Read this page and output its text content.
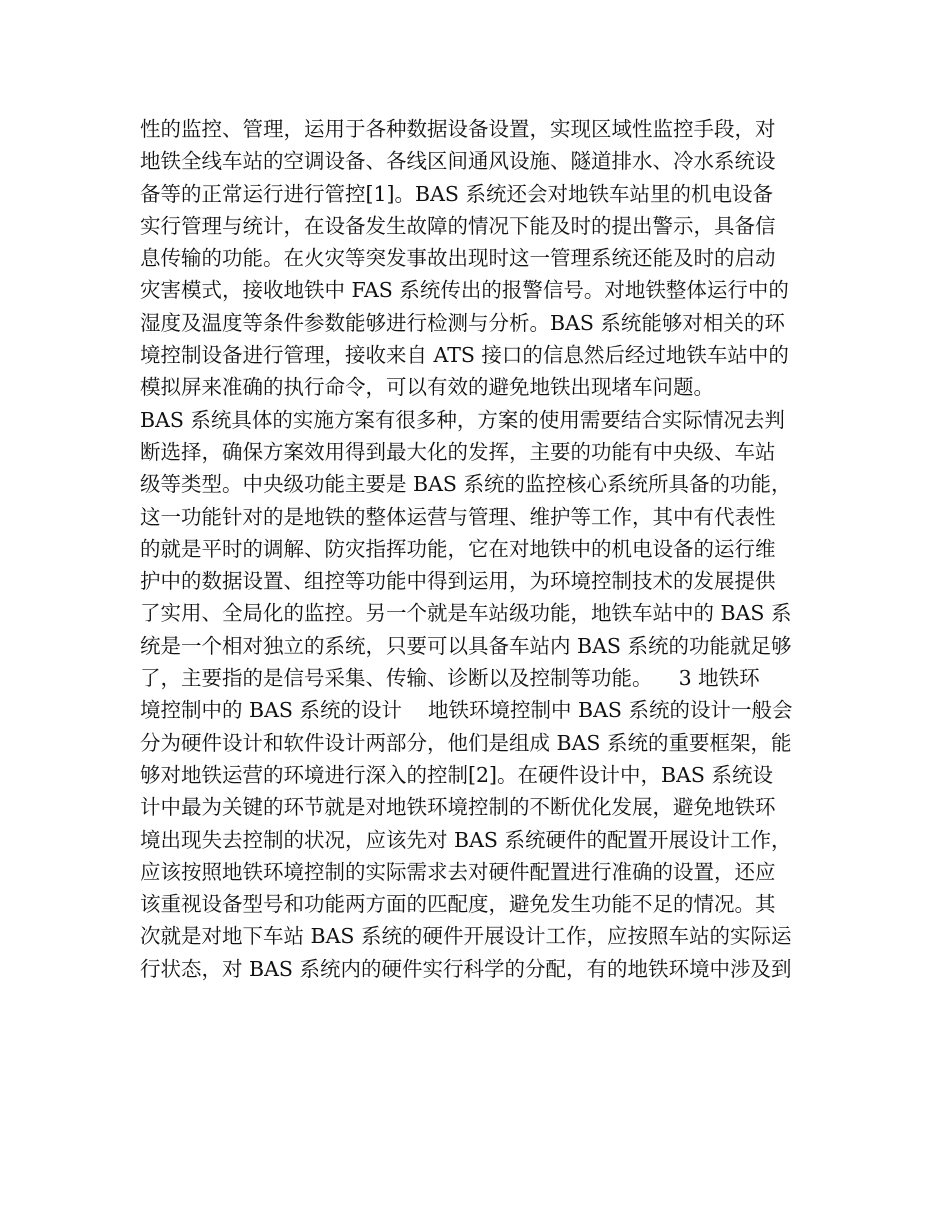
性的监控、管理，运用于各种数据设备设置，实现区域性监控手段，对
地铁全线车站的空调设备、各线区间通风设施、隧道排水、冷水系统设
备等的正常运行进行管控[1]。BAS 系统还会对地铁车站里的机电设备
实行管理与统计，在设备发生故障的情况下能及时的提出警示，具备信
息传输的功能。在火灾等突发事故出现时这一管理系统还能及时的启动
灾害模式，接收地铁中 FAS 系统传出的报警信号。对地铁整体运行中的
湿度及温度等条件参数能够进行检测与分析。BAS 系统能够对相关的环
境控制设备进行管理，接收来自 ATS 接口的信息然后经过地铁车站中的
模拟屏来准确的执行命令，可以有效的避免地铁出现堵车问题。
BAS 系统具体的实施方案有很多种，方案的使用需要结合实际情况去判
断选择，确保方案效用得到最大化的发挥，主要的功能有中央级、车站
级等类型。中央级功能主要是 BAS 系统的监控核心系统所具备的功能，
这一功能针对的是地铁的整体运营与管理、维护等工作，其中有代表性
的就是平时的调解、防灾指挥功能，它在对地铁中的机电设备的运行维
护中的数据设置、组控等功能中得到运用，为环境控制技术的发展提供
了实用、全局化的监控。另一个就是车站级功能，地铁车站中的 BAS 系
统是一个相对独立的系统，只要可以具备车站内 BAS 系统的功能就足够
了，主要指的是信号采集、传输、诊断以及控制等功能。    3 地铁环
境控制中的 BAS 系统的设计    地铁环境控制中 BAS 系统的设计一般会
分为硬件设计和软件设计两部分，他们是组成 BAS 系统的重要框架，能
够对地铁运营的环境进行深入的控制[2]。在硬件设计中，BAS 系统设
计中最为关键的环节就是对地铁环境控制的不断优化发展，避免地铁环
境出现失去控制的状况，应该先对 BAS 系统硬件的配置开展设计工作，
应该按照地铁环境控制的实际需求去对硬件配置进行准确的设置，还应
该重视设备型号和功能两方面的匹配度，避免发生功能不足的情况。其
次就是对地下车站 BAS 系统的硬件开展设计工作，应按照车站的实际运
行状态，对 BAS 系统内的硬件实行科学的分配，有的地铁环境中涉及到
